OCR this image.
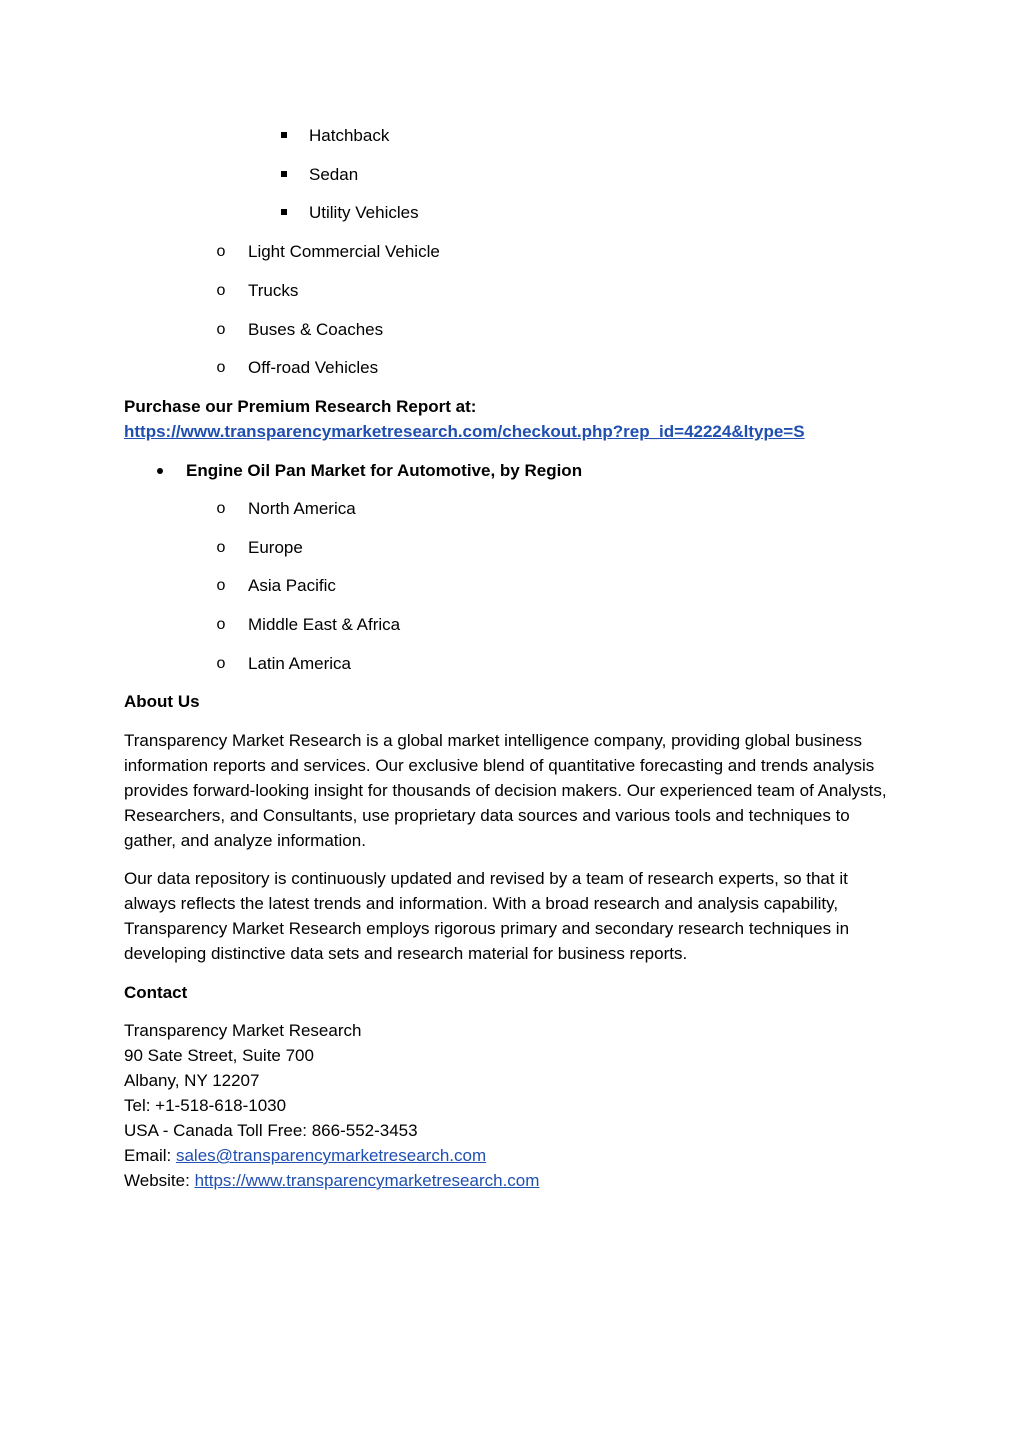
Hatchback
Sedan
Utility Vehicles
o Light Commercial Vehicle
o Trucks
o Buses & Coaches
o Off-road Vehicles
Purchase our Premium Research Report at:
https://www.transparencymarketresearch.com/checkout.php?rep_id=42224&ltype=S
Engine Oil Pan Market for Automotive, by Region
o North America
o Europe
o Asia Pacific
o Middle East & Africa
o Latin America
About Us

Transparency Market Research is a global market intelligence company, providing global business information reports and services. Our exclusive blend of quantitative forecasting and trends analysis provides forward-looking insight for thousands of decision makers. Our experienced team of Analysts, Researchers, and Consultants, use proprietary data sources and various tools and techniques to gather, and analyze information.

Our data repository is continuously updated and revised by a team of research experts, so that it always reflects the latest trends and information. With a broad research and analysis capability, Transparency Market Research employs rigorous primary and secondary research techniques in developing distinctive data sets and research material for business reports.

Contact
Transparency Market Research
90 Sate Street, Suite 700
Albany, NY 12207
Tel: +1-518-618-1030
USA - Canada Toll Free: 866-552-3453
Email: sales@transparencymarketresearch.com
Website: https://www.transparencymarketresearch.com
